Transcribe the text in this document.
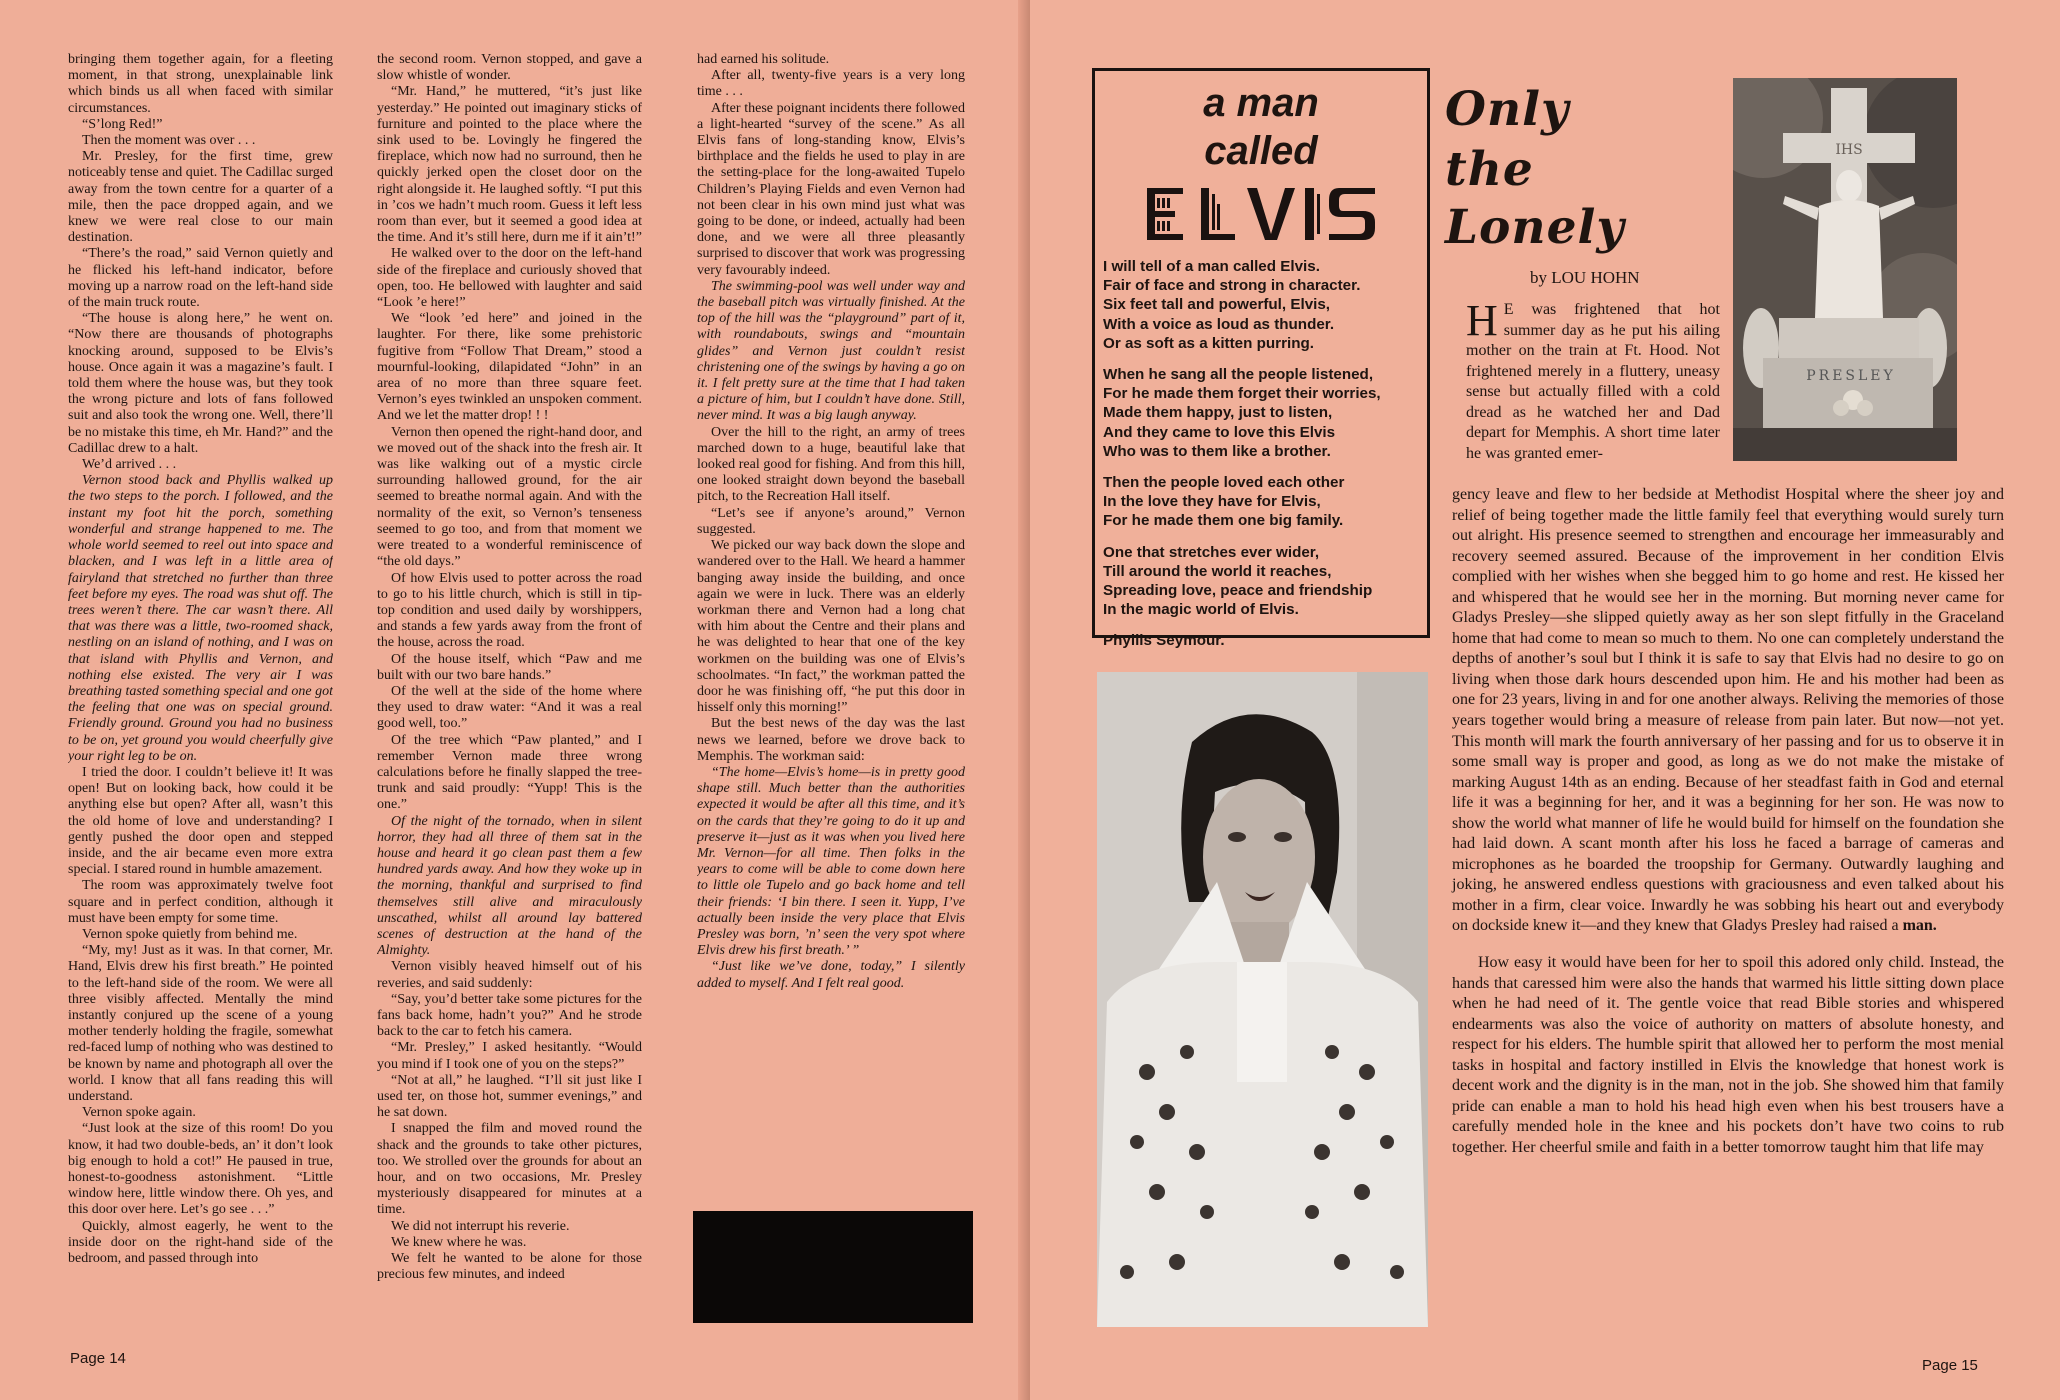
bringing them together again, for a fleeting moment, in that strong, unexplainable link which binds us all when faced with similar circumstances.

“S’long Red!”

Then the moment was over . . .

Mr. Presley, for the first time, grew noticeably tense and quiet. The Cadillac surged away from the town centre for a quarter of a mile, then the pace dropped again, and we knew we were real close to our main destination.

“There’s the road,” said Vernon quietly and he flicked his left-hand indicator, before moving up a narrow road on the left-hand side of the main truck route.

“The house is along here,” he went on. “Now there are thousands of photographs knocking around, supposed to be Elvis’s house. Once again it was a magazine’s fault. I told them where the house was, but they took the wrong picture and lots of fans followed suit and also took the wrong one. Well, there’ll be no mistake this time, eh Mr. Hand?” and the Cadillac drew to a halt.

We’d arrived . . .

Vernon stood back and Phyllis walked up the two steps to the porch. I followed, and the instant my foot hit the porch, something wonderful and strange happened to me. The whole world seemed to reel out into space and blacken, and I was left in a little area of fairyland that stretched no further than three feet before my eyes. The road was shut off. The trees weren’t there. The car wasn’t there. All that was there was a little, two-roomed shack, nestling on an island of nothing, and I was on that island with Phyllis and Vernon, and nothing else existed. The very air I was breathing tasted something special and one got the feeling that one was on special ground. Friendly ground. Ground you had no business to be on, yet ground you would cheerfully give your right leg to be on.

I tried the door. I couldn’t believe it! It was open! But on looking back, how could it be anything else but open? After all, wasn’t this the old home of love and understanding? I gently pushed the door open and stepped inside, and the air became even more extra special. I stared round in humble amazement.

The room was approximately twelve foot square and in perfect condition, although it must have been empty for some time.

Vernon spoke quietly from behind me.

“My, my! Just as it was. In that corner, Mr. Hand, Elvis drew his first breath.” He pointed to the left-hand side of the room. We were all three visibly affected. Mentally the mind instantly conjured up the scene of a young mother tenderly holding the fragile, somewhat red-faced lump of nothing who was destined to be known by name and photograph all over the world. I know that all fans reading this will understand.

Vernon spoke again.

“Just look at the size of this room! Do you know, it had two double-beds, an’ it don’t look big enough to hold a cot!” He paused in true, honest-to-goodness astonishment. “Little window here, little window there. Oh yes, and this door over here. Let’s go see . . .”

Quickly, almost eagerly, he went to the inside door on the right-hand side of the bedroom, and passed through into

the second room. Vernon stopped, and gave a slow whistle of wonder.

“Mr. Hand,” he muttered, “it’s just like yesterday.” He pointed out imaginary sticks of furniture and pointed to the place where the sink used to be. Lovingly he fingered the fireplace, which now had no surround, then he quickly jerked open the closet door on the right alongside it. He laughed softly. “I put this in ’cos we hadn’t much room. Guess it left less room than ever, but it seemed a good idea at the time. And it’s still here, durn me if it ain’t!”

He walked over to the door on the left-hand side of the fireplace and curiously shoved that open, too. He bellowed with laughter and said “Look ’e here!”

We “look ’ed here” and joined in the laughter. For there, like some prehistoric fugitive from “Follow That Dream,” stood a mournful-looking, dilapidated “John” in an area of no more than three square feet. Vernon’s eyes twinkled an unspoken comment. And we let the matter drop! ! !

Vernon then opened the right-hand door, and we moved out of the shack into the fresh air. It was like walking out of a mystic circle surrounding hallowed ground, for the air seemed to breathe normal again. And with the normality of the exit, so Vernon’s tenseness seemed to go too, and from that moment we were treated to a wonderful reminiscence of “the old days.”

Of how Elvis used to potter across the road to go to his little church, which is still in tip-top condition and used daily by worshippers, and stands a few yards away from the front of the house, across the road.

Of the house itself, which “Paw and me built with our two bare hands.”

Of the well at the side of the home where they used to draw water: “And it was a real good well, too.”

Of the tree which “Paw planted,” and I remember Vernon made three wrong calculations before he finally slapped the tree-trunk and said proudly: “Yupp! This is the one.”

Of the night of the tornado, when in silent horror, they had all three of them sat in the house and heard it go clean past them a few hundred yards away. And how they woke up in the morning, thankful and surprised to find themselves still alive and miraculously unscathed, whilst all around lay battered scenes of destruction at the hand of the Almighty.

Vernon visibly heaved himself out of his reveries, and said suddenly:

“Say, you’d better take some pictures for the fans back home, hadn’t you?” And he strode back to the car to fetch his camera.

“Mr. Presley,” I asked hesitantly. “Would you mind if I took one of you on the steps?”

“Not at all,” he laughed. “I’ll sit just like I used ter, on those hot, summer evenings,” and he sat down.

I snapped the film and moved round the shack and the grounds to take other pictures, too. We strolled over the grounds for about an hour, and on two occasions, Mr. Presley mysteriously disappeared for minutes at a time.

We did not interrupt his reverie.

We knew where he was.

We felt he wanted to be alone for those precious few minutes, and indeed

had earned his solitude.

After all, twenty-five years is a very long time . . .

After these poignant incidents there followed a light-hearted “survey of the scene.” As all Elvis fans of long-standing know, Elvis’s birthplace and the fields he used to play in are the setting-place for the long-awaited Tupelo Children’s Playing Fields and even Vernon had not been clear in his own mind just what was going to be done, or indeed, actually had been done, and we were all three pleasantly surprised to discover that work was progressing very favourably indeed.

The swimming-pool was well under way and the baseball pitch was virtually finished. At the top of the hill was the “playground” part of it, with roundabouts, swings and “mountain glides” and Vernon just couldn’t resist christening one of the swings by having a go on it. I felt pretty sure at the time that I had taken a picture of him, but I couldn’t have done. Still, never mind. It was a big laugh anyway.

Over the hill to the right, an army of trees marched down to a huge, beautiful lake that looked real good for fishing. And from this hill, one looked straight down beyond the baseball pitch, to the Recreation Hall itself.

“Let’s see if anyone’s around,” Vernon suggested.

We picked our way back down the slope and wandered over to the Hall. We heard a hammer banging away inside the building, and once again we were in luck. There was an elderly workman there and Vernon had a long chat with him about the Centre and their plans and he was delighted to hear that one of the key workmen on the building was one of Elvis’s schoolmates. “In fact,” the workman patted the door he was finishing off, “he put this door in hisself only this morning!”

But the best news of the day was the last news we learned, before we drove back to Memphis. The workman said:

“The home—Elvis’s home—is in pretty good shape still. Much better than the authorities expected it would be after all this time, and it’s on the cards that they’re going to do it up and preserve it—just as it was when you lived here Mr. Vernon—for all time. Then folks in the years to come will be able to come down here to little ole Tupelo and go back home and tell their friends: ‘I bin there. I seen it. Yupp, I’ve actually been inside the very place that Elvis Presley was born, ’n’ seen the very spot where Elvis drew his first breath.’ ”

“Just like we’ve done, today,” I silently added to myself. And I felt real good.

Page 14
a man
called
I will tell of a man called Elvis.
Fair of face and strong in character.
Six feet tall and powerful, Elvis,
With a voice as loud as thunder.
Or as soft as a kitten purring.
When he sang all the people listened,
For he made them forget their worries,
Made them happy, just to listen,
And they came to love this Elvis
Who was to them like a brother.
Then the people loved each other
In the love they have for Elvis,
For he made them one big family.
One that stretches ever wider,
Till around the world it reaches,
Spreading love, peace and friendship
In the magic world of Elvis.
Phyllis Seymour.
Only
the
Lonely
by LOU HOHN
IHS
PRESLEY
H E was frightened that hot summer day as he put his ailing mother on the train at Ft. Hood. Not frightened merely in a fluttery, uneasy sense but actually filled with a cold dread as he watched her and Dad depart for Memphis. A short time later he was granted emer-

gency leave and flew to her bedside at Methodist Hospital where the sheer joy and relief of being together made the little family feel that everything would surely turn out alright. His presence seemed to strengthen and encourage her immeasurably and recovery seemed assured. Because of the improvement in her condition Elvis complied with her wishes when she begged him to go home and rest. He kissed her and whispered that he would see her in the morning. But morning never came for Gladys Presley—she slipped quietly away as her son slept fitfully in the Graceland home that had come to mean so much to them. No one can completely understand the depths of another’s soul but I think it is safe to say that Elvis had no desire to go on living when those dark hours descended upon him. He and his mother had been as one for 23 years, living in and for one another always. Reliving the memories of those years together would bring a measure of release from pain later. But now—not yet. This month will mark the fourth anniversary of her passing and for us to observe it in some small way is proper and good, as long as we do not make the mistake of marking August 14th as an ending. Because of her steadfast faith in God and eternal life it was a beginning for her, and it was a beginning for her son. He was now to show the world what manner of life he would build for himself on the foundation she had laid down. A scant month after his loss he faced a barrage of cameras and microphones as he boarded the troopship for Germany. Outwardly laughing and joking, he answered endless questions with graciousness and even talked about his mother in a firm, clear voice. Inwardly he was sobbing his heart out and everybody on dockside knew it—and they knew that Gladys Presley had raised a man.

How easy it would have been for her to spoil this adored only child. Instead, the hands that caressed him were also the hands that warmed his little sitting down place when he had need of it. The gentle voice that read Bible stories and whispered endearments was also the voice of authority on matters of absolute honesty, and respect for his elders. The humble spirit that allowed her to perform the most menial tasks in hospital and factory instilled in Elvis the knowledge that honest work is decent work and the dignity is in the man, not in the job. She showed him that family pride can enable a man to hold his head high even when his best trousers have a carefully mended hole in the knee and his pockets don’t have two coins to rub together. Her cheerful smile and faith in a better tomorrow taught him that life may

Page 15
